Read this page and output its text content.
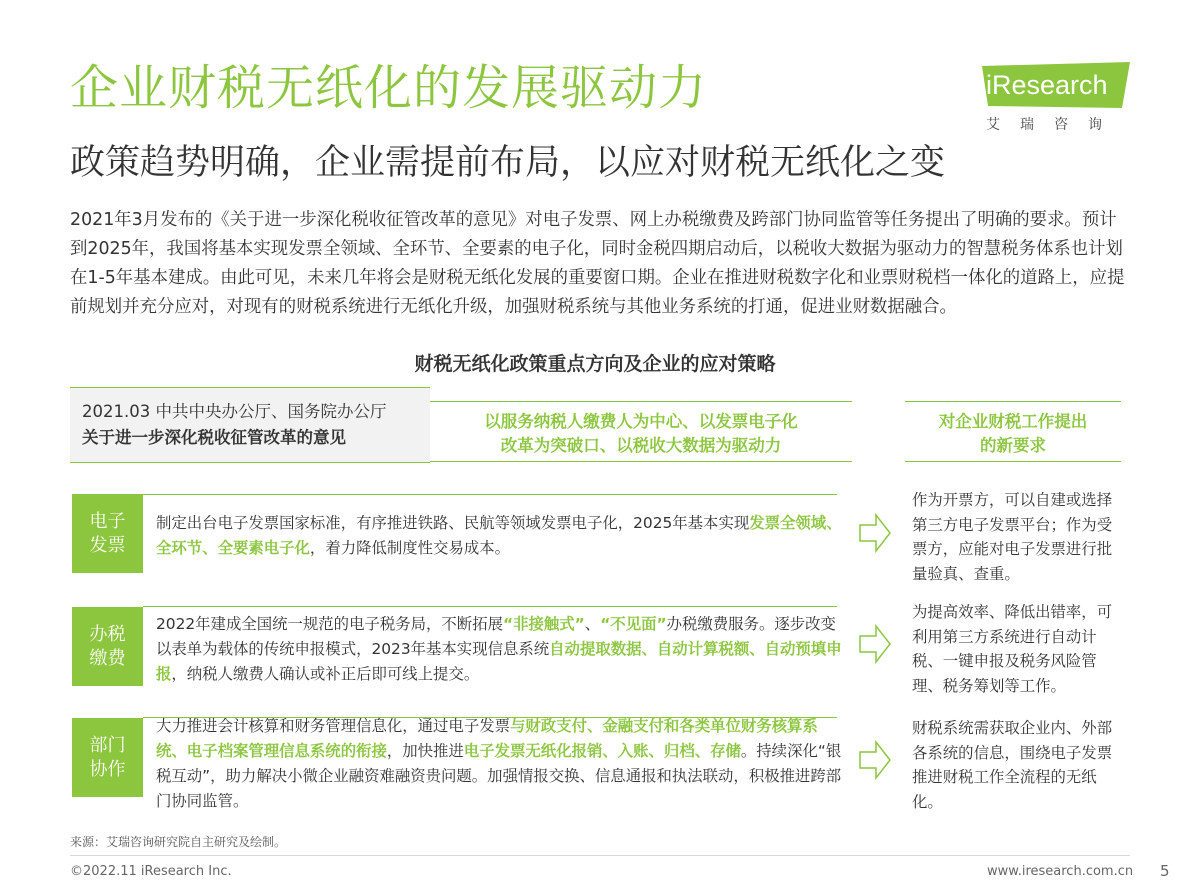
企业财税无纸化的发展驱动力
政策趋势明确，企业需提前布局，以应对财税无纸化之变
iResearch
艾瑞咨询
2021年3月发布的《关于进一步深化税收征管改革的意见》对电子发票、网上办税缴费及跨部门协同监管等任务提出了明确的要求。预计到2025年，我国将基本实现发票全领域、全环节、全要素的电子化，同时金税四期启动后，以税收大数据为驱动力的智慧税务体系也计划在1-5年基本建成。由此可见，未来几年将会是财税无纸化发展的重要窗口期。企业在推进财税数字化和业票财税档一体化的道路上，应提前规划并充分应对，对现有的财税系统进行无纸化升级，加强财税系统与其他业务系统的打通，促进业财数据融合。
财税无纸化政策重点方向及企业的应对策略
2021.03 中共中央办公厅、国务院办公厅
关于进一步深化税收征管改革的意见
以服务纳税人缴费人为中心、以发票电子化
改革为突破口、以税收大数据为驱动力
对企业财税工作提出
的新要求
电子
发票
制定出台电子发票国家标准，有序推进铁路、民航等领域发票电子化，2025年基本实现发票全领域、全环节、全要素电子化，着力降低制度性交易成本。
作为开票方，可以自建或选择第三方电子发票平台；作为受票方，应能对电子发票进行批量验真、查重。
办税
缴费
2022年建成全国统一规范的电子税务局，不断拓展“非接触式”、“不见面”办税缴费服务。逐步改变以表单为载体的传统申报模式，2023年基本实现信息系统自动提取数据、自动计算税额、自动预填申报，纳税人缴费人确认或补正后即可线上提交。
为提高效率、降低出错率，可利用第三方系统进行自动计税、一键申报及税务风险管理、税务筹划等工作。
部门
协作
大力推进会计核算和财务管理信息化，通过电子发票与财政支付、金融支付和各类单位财务核算系统、电子档案管理信息系统的衔接，加快推进电子发票无纸化报销、入账、归档、存储。持续深化“银税互动”，助力解决小微企业融资难融资贵问题。加强情报交换、信息通报和执法联动，积极推进跨部门协同监管。
财税系统需获取企业内、外部各系统的信息，围绕电子发票推进财税工作全流程的无纸化。
来源：艾瑞咨询研究院自主研究及绘制。
©2022.11 iResearch Inc.	www.iresearch.com.cn 5
